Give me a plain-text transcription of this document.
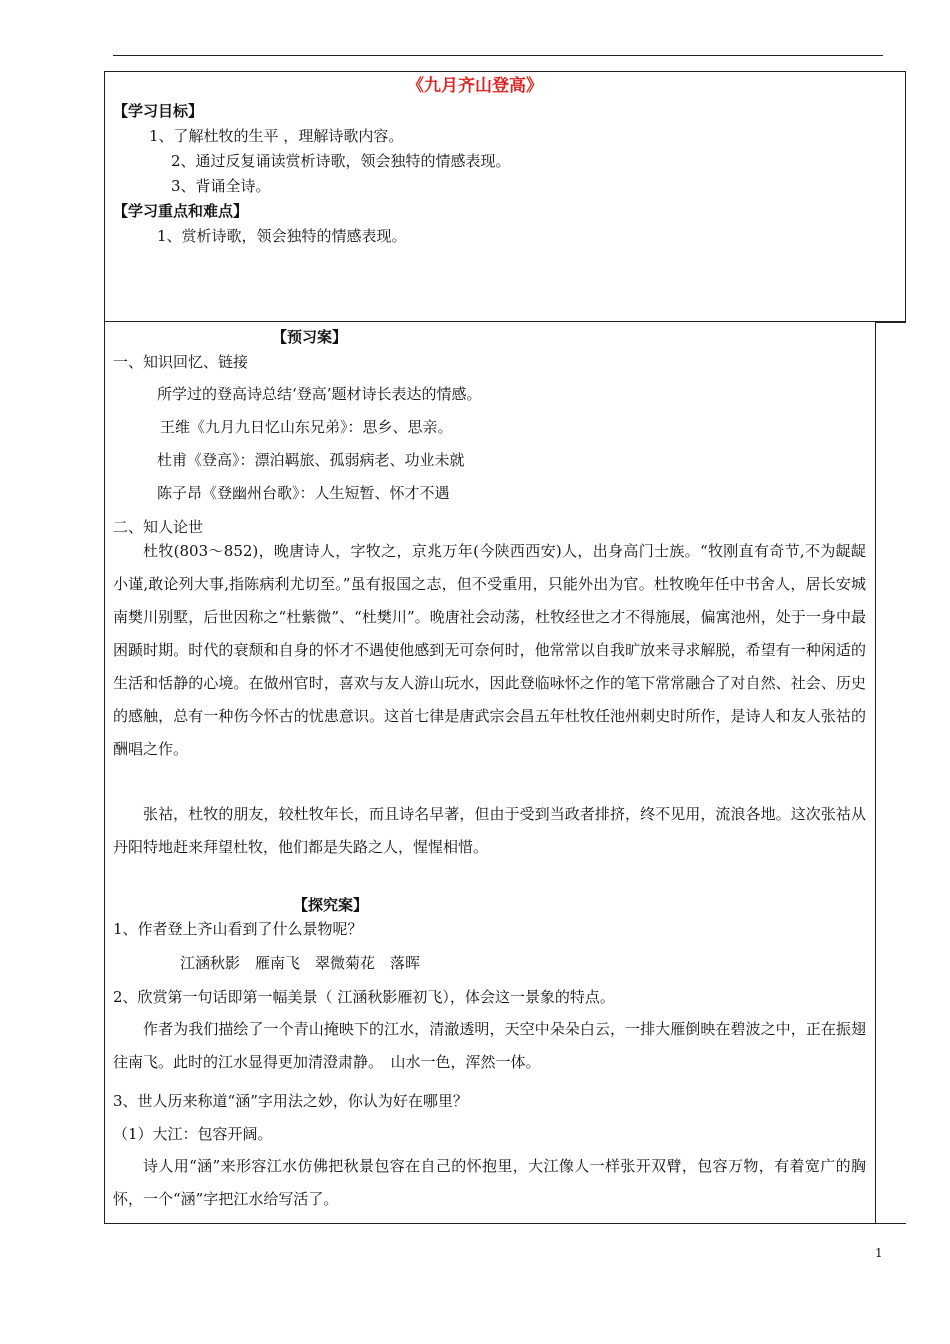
《九月齐山登高》
【学习目标】
1、了解杜牧的生平 ，理解诗歌内容。
2、通过反复诵读赏析诗歌，领会独特的情感表现。
3、背诵全诗。
【学习重点和难点】
1、赏析诗歌，领会独特的情感表现。
【预习案】
一、知识回忆、链接
所学过的登高诗总结‘登高’题材诗长表达的情感。
王维《九月九日忆山东兄弟》：思乡、思亲。
杜甫《登高》：漂泊羁旅、孤弱病老、功业未就
陈子昂《登幽州台歌》：人生短暂、怀才不遇
二、知人论世

杜牧(803～852)，晚唐诗人，字牧之，京兆万年(今陕西西安)人，出身高门士族。“牧刚直有奇节,不为龊龊小谨,敢论列大事,指陈病利尤切至。”虽有报国之志，但不受重用，只能外出为官。杜牧晚年任中书舍人，居长安城南樊川别墅，后世因称之“杜紫微”、“杜樊川”。晚唐社会动荡，杜牧经世之才不得施展，偏寓池州，处于一身中最困踬时期。时代的衰颓和自身的怀才不遇使他感到无可奈何时，他常常以自我旷放来寻求解脱，希望有一种闲适的生活和恬静的心境。在做州官时，喜欢与友人游山玩水，因此登临咏怀之作的笔下常常融合了对自然、社会、历史的感触，总有一种伤今怀古的忧患意识。这首七律是唐武宗会昌五年杜牧任池州刺史时所作，是诗人和友人张祜的酬唱之作。

张祜，杜牧的朋友，较杜牧年长，而且诗名早著，但由于受到当政者排挤，终不见用，流浪各地。这次张祜从丹阳特地赶来拜望杜牧，他们都是失路之人，惺惺相惜。

【探究案】
1、作者登上齐山看到了什么景物呢？
江涵秋影　雁南飞　翠微菊花　落晖
2、欣赏第一句话即第一幅美景（ 江涵秋影雁初飞），体会这一景象的特点。

作者为我们描绘了一个青山掩映下的江水，清澈透明，天空中朵朵白云，一排大雁倒映在碧波之中，正在振翅往南飞。此时的江水显得更加清澄肃静。　山水一色，浑然一体。

3、世人历来称道“涵”字用法之妙，你认为好在哪里？
（1）大江：包容开阔。

诗人用“涵”来形容江水仿佛把秋景包容在自己的怀抱里，大江像人一样张开双臂，包容万物，有着宽广的胸怀，一个“涵”字把江水给写活了。

1
